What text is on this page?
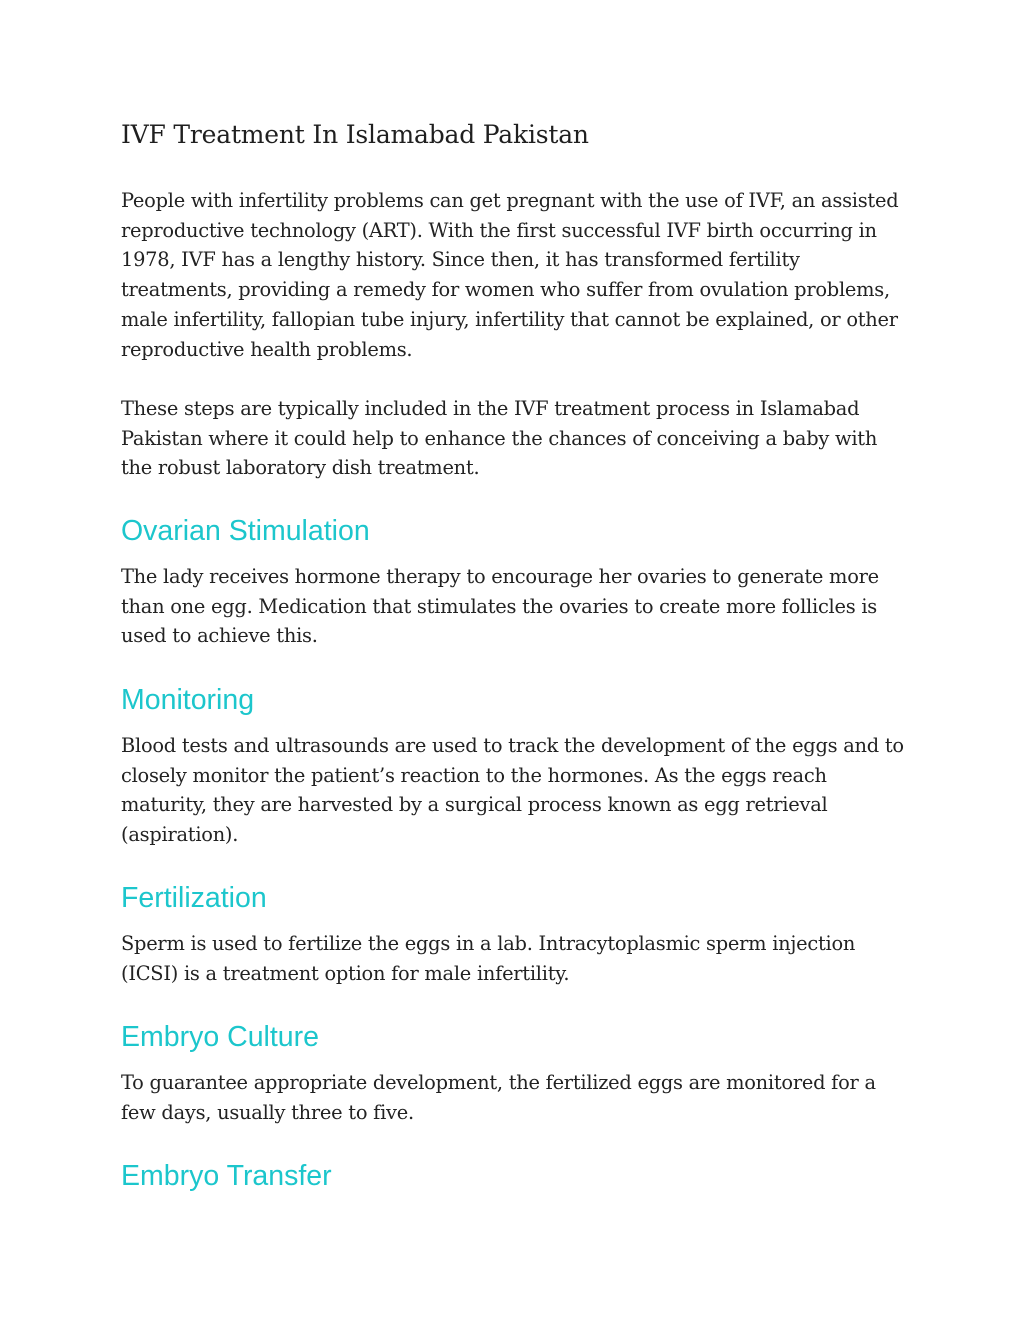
IVF Treatment In Islamabad Pakistan

People with infertility problems can get pregnant with the use of IVF, an assisted reproductive technology (ART). With the first successful IVF birth occurring in 1978, IVF has a lengthy history. Since then, it has transformed fertility treatments, providing a remedy for women who suffer from ovulation problems, male infertility, fallopian tube injury, infertility that cannot be explained, or other reproductive health problems.

These steps are typically included in the IVF treatment process in Islamabad Pakistan where it could help to enhance the chances of conceiving a baby with the robust laboratory dish treatment.

Ovarian Stimulation

The lady receives hormone therapy to encourage her ovaries to generate more than one egg. Medication that stimulates the ovaries to create more follicles is used to achieve this.

Monitoring

Blood tests and ultrasounds are used to track the development of the eggs and to closely monitor the patient’s reaction to the hormones. As the eggs reach maturity, they are harvested by a surgical process known as egg retrieval (aspiration).

Fertilization

Sperm is used to fertilize the eggs in a lab. Intracytoplasmic sperm injection (ICSI) is a treatment option for male infertility.

Embryo Culture

To guarantee appropriate development, the fertilized eggs are monitored for a few days, usually three to five.

Embryo Transfer
